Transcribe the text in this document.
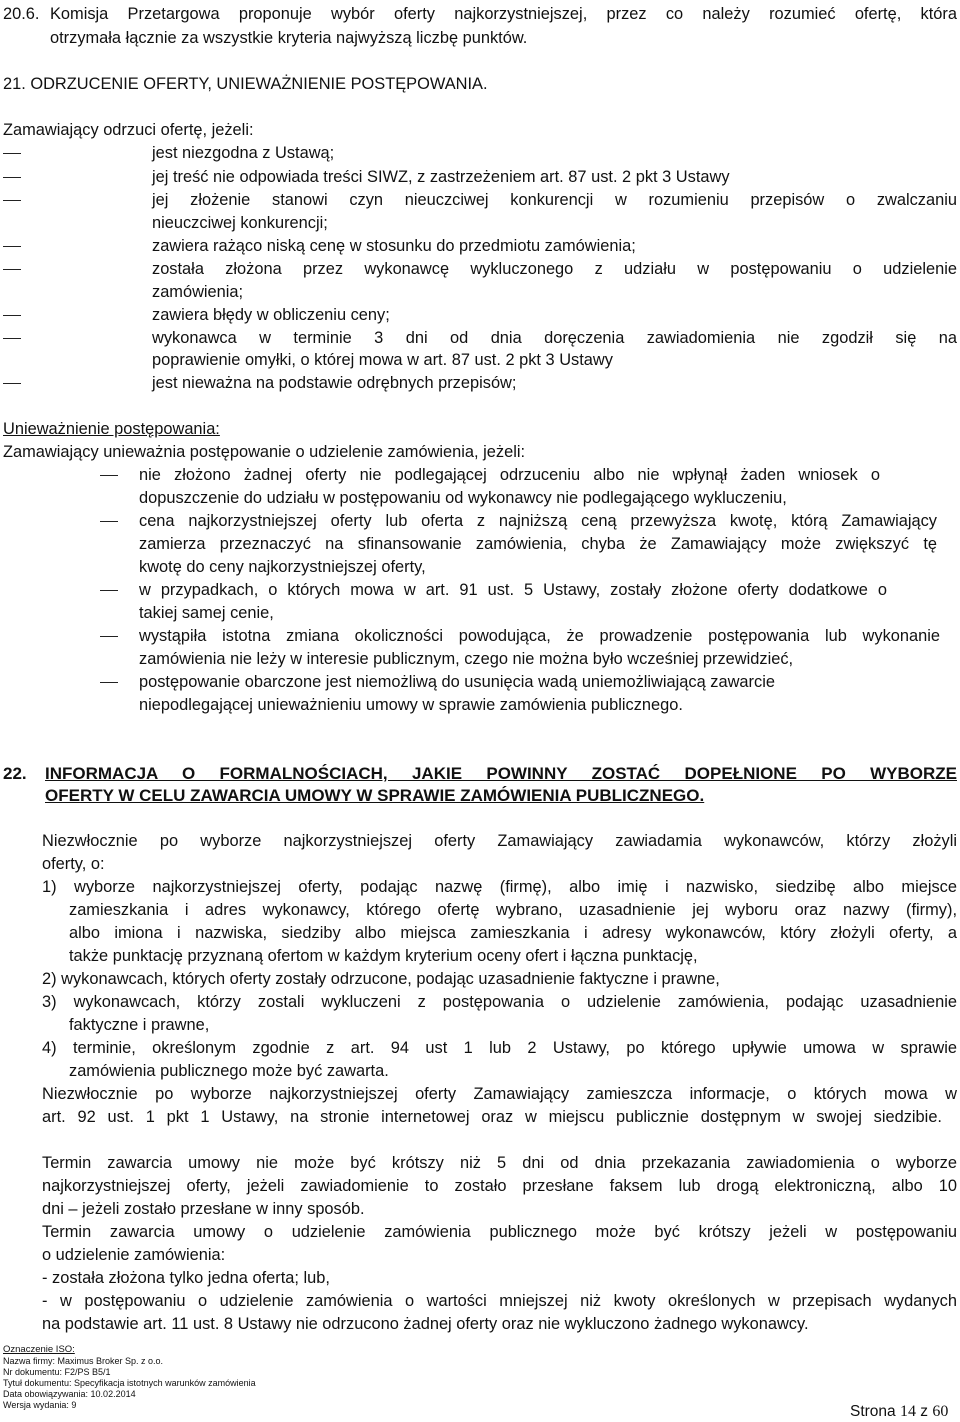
20.6. Komisja Przetargowa proponuje wybór oferty najkorzystniejszej, przez co należy rozumieć ofertę, która
otrzymała łącznie za wszystkie kryteria najwyższą liczbę punktów.
21. ODRZUCENIE OFERTY, UNIEWAŻNIENIE POSTĘPOWANIA.
Zamawiający odrzuci ofertę, jeżeli:
jest niezgodna z Ustawą;
jej treść nie odpowiada treści SIWZ, z zastrzeżeniem art. 87 ust. 2 pkt 3 Ustawy
jej złożenie stanowi czyn nieuczciwej konkurencji w rozumieniu przepisów o zwalczaniu
nieuczciwej konkurencji;
zawiera rażąco niską cenę w stosunku do przedmiotu zamówienia;
została złożona przez wykonawcę wykluczonego z udziału w postępowaniu o udzielenie
zamówienia;
zawiera błędy w obliczeniu ceny;
wykonawca w terminie 3 dni od dnia doręczenia zawiadomienia nie zgodził się na
poprawienie omyłki, o której mowa w art. 87 ust. 2 pkt 3 Ustawy
jest nieważna na podstawie odrębnych przepisów;
Unieważnienie postępowania:
Zamawiający unieważnia postępowanie o udzielenie zamówienia, jeżeli:
nie złożono żadnej oferty nie podlegającej odrzuceniu albo nie wpłynął żaden wniosek o
dopuszczenie do udziału w postępowaniu od wykonawcy nie podlegającego wykluczeniu,
cena najkorzystniejszej oferty lub oferta z najniższą ceną przewyższa kwotę, którą Zamawiający
zamierza przeznaczyć na sfinansowanie zamówienia, chyba że Zamawiający może zwiększyć tę
kwotę do ceny najkorzystniejszej oferty,
w przypadkach, o których mowa w art. 91 ust. 5 Ustawy, zostały złożone oferty dodatkowe o
takiej samej cenie,
wystąpiła istotna zmiana okoliczności powodująca, że prowadzenie postępowania lub wykonanie
zamówienia nie leży w interesie publicznym, czego nie można było wcześniej przewidzieć,
postępowanie obarczone jest niemożliwą do usunięcia wadą uniemożliwiającą zawarcie
niepodlegającej unieważnieniu umowy w sprawie zamówienia publicznego.
22. INFORMACJA O FORMALNOŚCIACH, JAKIE POWINNY ZOSTAĆ DOPEŁNIONE PO WYBORZE
OFERTY W CELU ZAWARCIA UMOWY W SPRAWIE ZAMÓWIENIA PUBLICZNEGO.
Niezwłocznie po wyborze najkorzystniejszej oferty Zamawiający zawiadamia wykonawców, którzy złożyli
oferty, o:
1) wyborze najkorzystniejszej oferty, podając nazwę (firmę), albo imię i nazwisko, siedzibę albo miejsce
zamieszkania i adres wykonawcy, którego ofertę wybrano, uzasadnienie jej wyboru oraz nazwy (firmy),
albo imiona i nazwiska, siedziby albo miejsca zamieszkania i adresy wykonawców, który złożyli oferty, a
także punktację przyznaną ofertom w każdym kryterium oceny ofert i łączna punktację,
2) wykonawcach, których oferty zostały odrzucone, podając uzasadnienie faktyczne i prawne,
3) wykonawcach, którzy zostali wykluczeni z postępowania o udzielenie zamówienia, podając uzasadnienie
faktyczne i prawne,
4) terminie, określonym zgodnie z art. 94 ust 1 lub 2 Ustawy, po którego upływie umowa w sprawie
zamówienia publicznego może być zawarta.
Niezwłocznie po wyborze najkorzystniejszej oferty Zamawiający zamieszcza informacje, o których mowa w
art. 92 ust. 1 pkt 1 Ustawy, na stronie internetowej oraz w miejscu publicznie dostępnym w swojej siedzibie.
Termin zawarcia umowy nie może być krótszy niż 5 dni od dnia przekazania zawiadomienia o wyborze
najkorzystniejszej oferty, jeżeli zawiadomienie to zostało przesłane faksem lub drogą elektroniczną, albo 10
dni – jeżeli zostało przesłane w inny sposób.
Termin zawarcia umowy o udzielenie zamówienia publicznego może być krótszy jeżeli w postępowaniu
o udzielenie zamówienia:
- została złożona tylko jedna oferta; lub,
- w postępowaniu o udzielenie zamówienia o wartości mniejszej niż kwoty określonych w przepisach wydanych
na podstawie art. 11 ust. 8 Ustawy nie odrzucono żadnej oferty oraz nie wykluczono żadnego wykonawcy.
Oznaczenie ISO:
Nazwa firmy: Maximus Broker Sp. z o.o.
Nr dokumentu: F2/PS B5/1
Tytuł dokumentu: Specyfikacja istotnych warunków zamówienia
Data obowiązywania: 10.02.2014
Wersja wydania: 9	Strona 14 z 60
